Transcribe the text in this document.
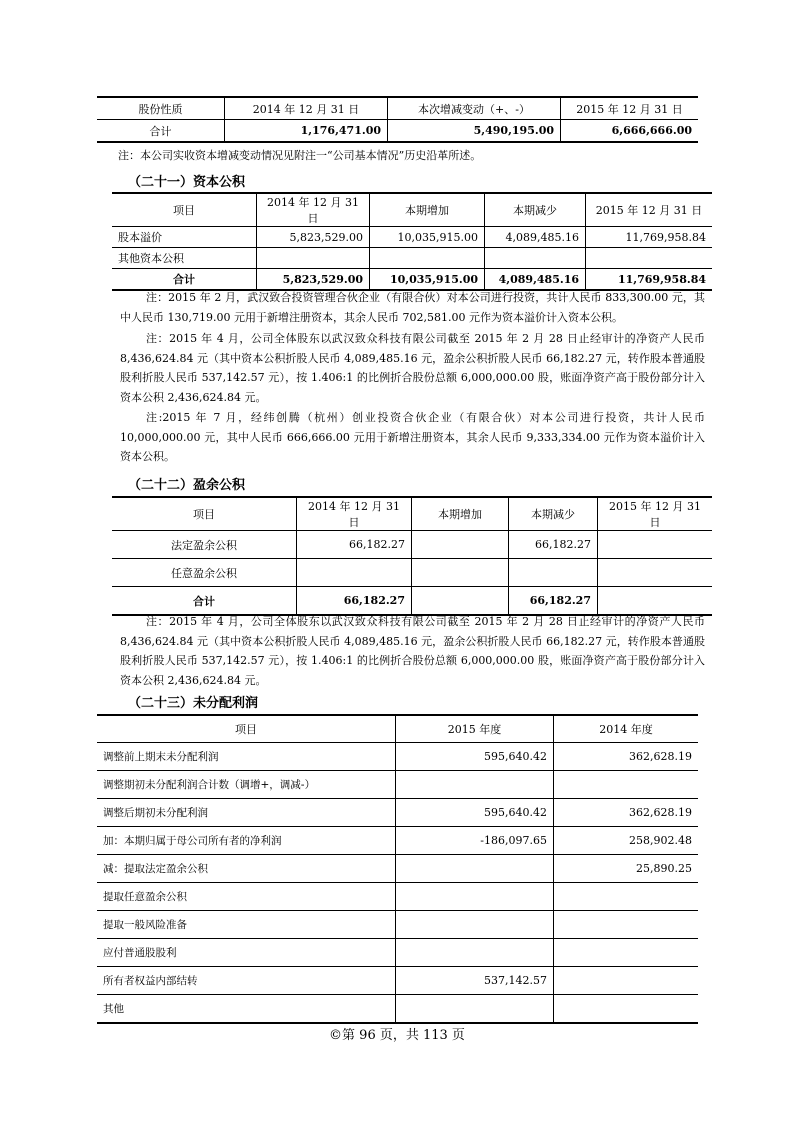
股份性质	2014 年 12 月 31 日	本次增减变动（+、-）	2015 年 12 月 31 日
合计	1,176,471.00	5,490,195.00	6,666,666.00
注：本公司实收资本增减变动情况见附注一“公司基本情况”历史沿革所述。
（二十一）资本公积
项目	2014 年 12 月 31 日	本期增加	本期减少	2015 年 12 月 31 日
股本溢价	5,823,529.00	10,035,915.00	4,089,485.16	11,769,958.84
其他资本公积				
合计	5,823,529.00	10,035,915.00	4,089,485.16	11,769,958.84
注：2015 年 2 月，武汉致合投资管理合伙企业（有限合伙）对本公司进行投资，共计人民币 833,300.00 元，其中人民币 130,719.00 元用于新增注册资本，其余人民币 702,581.00 元作为资本溢价计入资本公积。
注：2015 年 4 月，公司全体股东以武汉致众科技有限公司截至 2015 年 2 月 28 日止经审计的净资产人民币 8,436,624.84 元（其中资本公积折股人民币 4,089,485.16 元，盈余公积折股人民币 66,182.27 元，转作股本普通股股利折股人民币 537,142.57 元），按 1.406:1 的比例折合股份总额 6,000,000.00 股，账面净资产高于股份部分计入资本公积 2,436,624.84 元。
注:2015 年 7 月，经纬创腾（杭州）创业投资合伙企业（有限合伙）对本公司进行投资，共计人民币 10,000,000.00 元，其中人民币 666,666.00 元用于新增注册资本，其余人民币 9,333,334.00 元作为资本溢价计入资本公积。
（二十二）盈余公积
项目	2014 年 12 月 31 日	本期增加	本期减少	2015 年 12 月 31 日
法定盈余公积	66,182.27		66,182.27	
任意盈余公积				
合计	66,182.27		66,182.27	
注：2015 年 4 月，公司全体股东以武汉致众科技有限公司截至 2015 年 2 月 28 日止经审计的净资产人民币 8,436,624.84 元（其中资本公积折股人民币 4,089,485.16 元，盈余公积折股人民币 66,182.27 元，转作股本普通股股利折股人民币 537,142.57 元），按 1.406:1 的比例折合股份总额 6,000,000.00 股，账面净资产高于股份部分计入资本公积 2,436,624.84 元。
（二十三）未分配利润
项目	2015 年度	2014 年度
调整前上期末未分配利润	595,640.42	362,628.19
调整期初未分配利润合计数（调增+，调减-）		
调整后期初未分配利润	595,640.42	362,628.19
加：本期归属于母公司所有者的净利润	-186,097.65	258,902.48
减：提取法定盈余公积		25,890.25
提取任意盈余公积		
提取一般风险准备		
应付普通股股利		
所有者权益内部结转	537,142.57	
其他		
©第 96 页，共 113 页
